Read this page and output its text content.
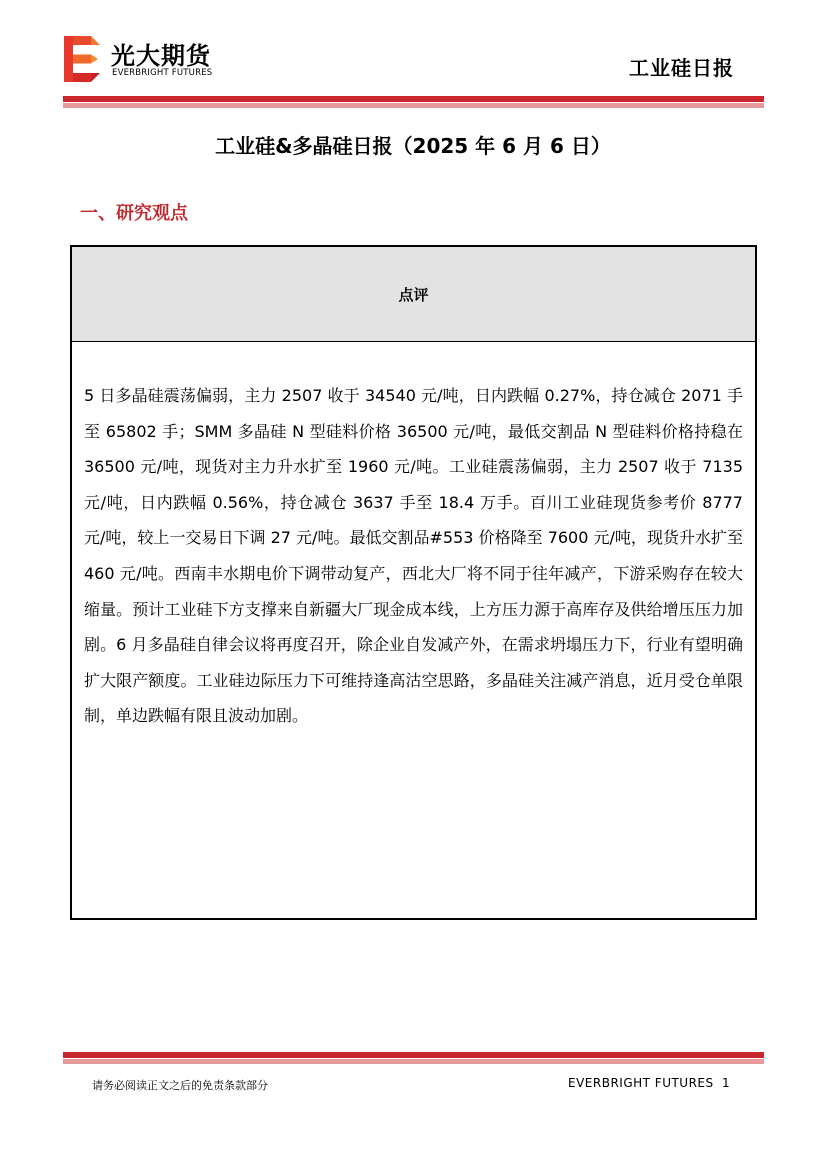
光大期货
EVERBRIGHT FUTURES	工业硅日报
工业硅&多晶硅日报（2025 年 6 月 6 日）
一、研究观点
点评
5 日多晶硅震荡偏弱，主力 2507 收于 34540 元/吨，日内跌幅 0.27%，持仓减仓 2071 手至 65802 手；SMM 多晶硅 N 型硅料价格 36500 元/吨，最低交割品 N 型硅料价格持稳在 36500 元/吨，现货对主力升水扩至 1960 元/吨。工业硅震荡偏弱，主力 2507 收于 7135 元/吨，日内跌幅 0.56%，持仓减仓 3637 手至 18.4 万手。百川工业硅现货参考价 8777 元/吨，较上一交易日下调 27 元/吨。最低交割品#553 价格降至 7600 元/吨，现货升水扩至 460 元/吨。西南丰水期电价下调带动复产，西北大厂将不同于往年减产，下游采购存在较大缩量。预计工业硅下方支撑来自新疆大厂现金成本线，上方压力源于高库存及供给增压压力加剧。6 月多晶硅自律会议将再度召开，除企业自发减产外，在需求坍塌压力下，行业有望明确扩大限产额度。工业硅边际压力下可维持逢高沽空思路，多晶硅关注减产消息，近月受仓单限制，单边跌幅有限且波动加剧。
请务必阅读正文之后的免责条款部分	EVERBRIGHT FUTURES 1
